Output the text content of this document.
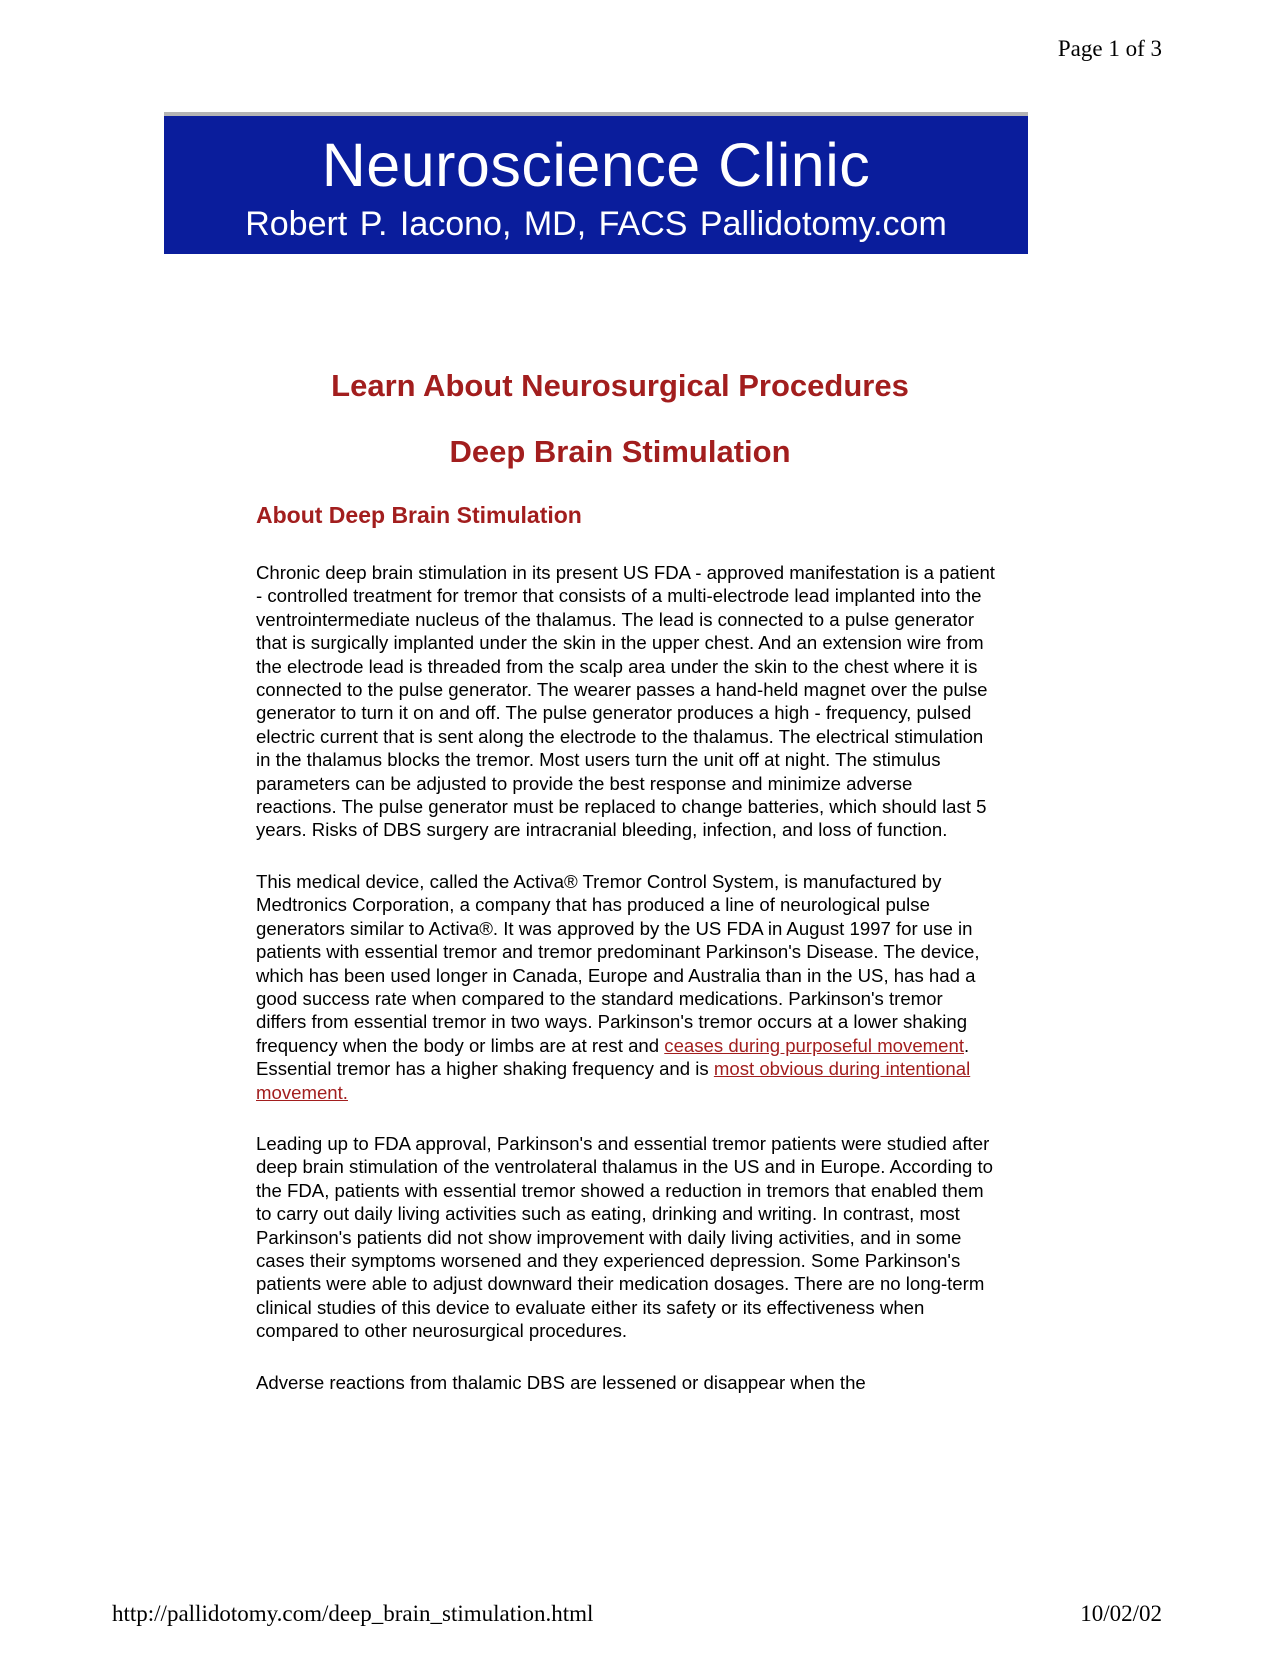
Page 1 of 3
Neuroscience Clinic
Robert P. Iacono, MD, FACS Pallidotomy.com
Learn About Neurosurgical Procedures
Deep Brain Stimulation
About Deep Brain Stimulation

Chronic deep brain stimulation in its present US FDA - approved manifestation is a patient - controlled treatment for tremor that consists of a multi-electrode lead implanted into the ventrointermediate nucleus of the thalamus. The lead is connected to a pulse generator that is surgically implanted under the skin in the upper chest. And an extension wire from the electrode lead is threaded from the scalp area under the skin to the chest where it is connected to the pulse generator. The wearer passes a hand-held magnet over the pulse generator to turn it on and off. The pulse generator produces a high - frequency, pulsed electric current that is sent along the electrode to the thalamus. The electrical stimulation in the thalamus blocks the tremor. Most users turn the unit off at night. The stimulus parameters can be adjusted to provide the best response and minimize adverse reactions. The pulse generator must be replaced to change batteries, which should last 5 years. Risks of DBS surgery are intracranial bleeding, infection, and loss of function.

This medical device, called the Activa® Tremor Control System, is manufactured by Medtronics Corporation, a company that has produced a line of neurological pulse generators similar to Activa®. It was approved by the US FDA in August 1997 for use in patients with essential tremor and tremor predominant Parkinson's Disease. The device, which has been used longer in Canada, Europe and Australia than in the US, has had a good success rate when compared to the standard medications. Parkinson's tremor differs from essential tremor in two ways. Parkinson's tremor occurs at a lower shaking frequency when the body or limbs are at rest and ceases during purposeful movement. Essential tremor has a higher shaking frequency and is most obvious during intentional movement.

Leading up to FDA approval, Parkinson's and essential tremor patients were studied after deep brain stimulation of the ventrolateral thalamus in the US and in Europe. According to the FDA, patients with essential tremor showed a reduction in tremors that enabled them to carry out daily living activities such as eating, drinking and writing. In contrast, most Parkinson's patients did not show improvement with daily living activities, and in some cases their symptoms worsened and they experienced depression. Some Parkinson's patients were able to adjust downward their medication dosages. There are no long-term clinical studies of this device to evaluate either its safety or its effectiveness when compared to other neurosurgical procedures.

Adverse reactions from thalamic DBS are lessened or disappear when the

http://pallidotomy.com/deep_brain_stimulation.html	10/02/02
